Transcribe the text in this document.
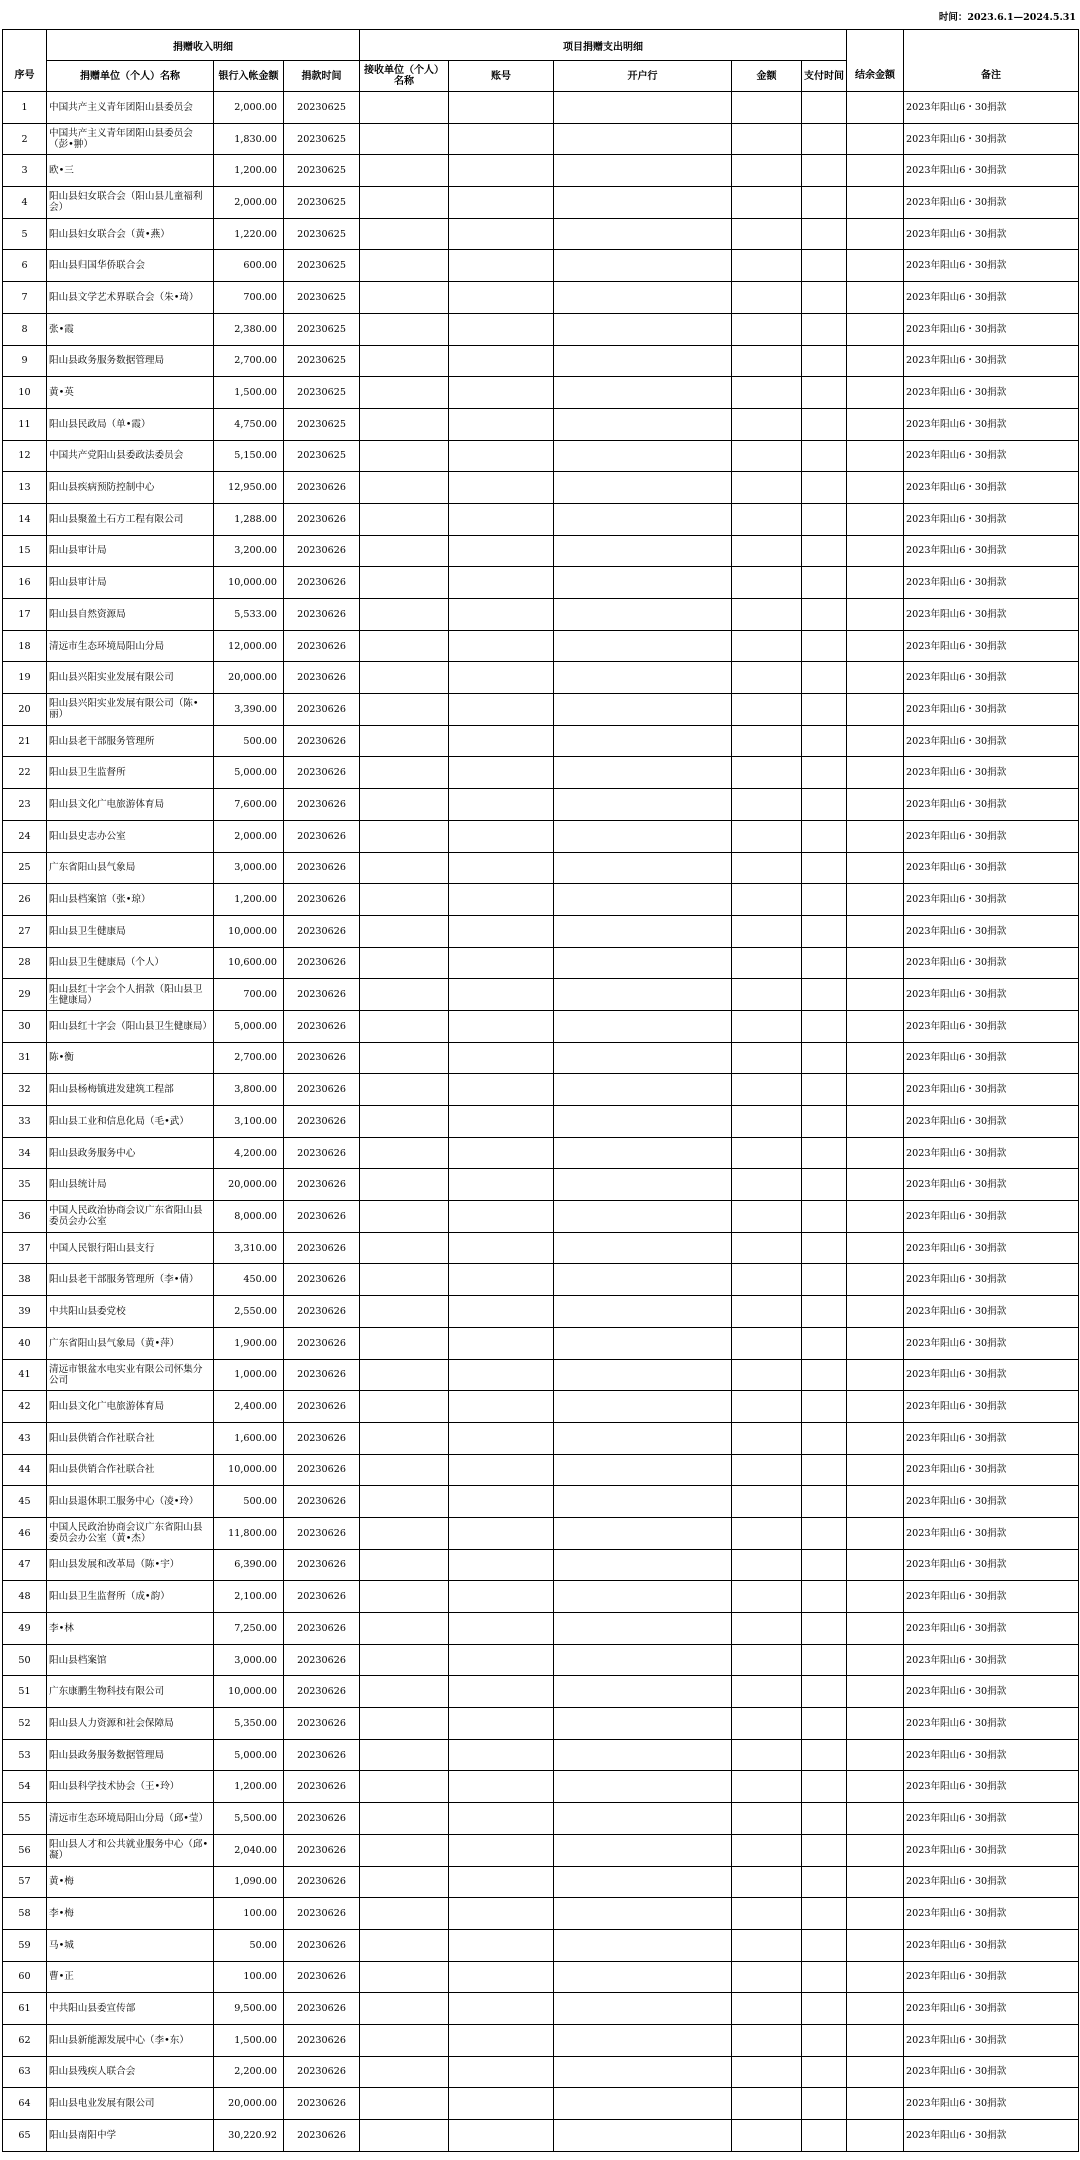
时间：2023.6.1—2024.5.31
	捐赠收入明细			项目捐赠支出明细						
序号	捐赠单位（个人）名称	银行入帐金额	捐款时间	接收单位（个人）名称	账号	开户行	金额	支付时间	结余金额	备注
1	中国共产主义青年团阳山县委员会	2,000.00	20230625							2023年阳山6・30捐款
2	中国共产主义青年团阳山县委员会（彭•翀）	1,830.00	20230625							2023年阳山6・30捐款
3	欧•三	1,200.00	20230625							2023年阳山6・30捐款
4	阳山县妇女联合会（阳山县儿童福利会）	2,000.00	20230625							2023年阳山6・30捐款
5	阳山县妇女联合会（黄•燕）	1,220.00	20230625							2023年阳山6・30捐款
6	阳山县归国华侨联合会	600.00	20230625							2023年阳山6・30捐款
7	阳山县文学艺术界联合会（朱•琦）	700.00	20230625							2023年阳山6・30捐款
8	张•霞	2,380.00	20230625							2023年阳山6・30捐款
9	阳山县政务服务数据管理局	2,700.00	20230625							2023年阳山6・30捐款
10	黄•英	1,500.00	20230625							2023年阳山6・30捐款
11	阳山县民政局（单•霞）	4,750.00	20230625							2023年阳山6・30捐款
12	中国共产党阳山县委政法委员会	5,150.00	20230625							2023年阳山6・30捐款
13	阳山县疾病预防控制中心	12,950.00	20230626							2023年阳山6・30捐款
14	阳山县聚盈土石方工程有限公司	1,288.00	20230626							2023年阳山6・30捐款
15	阳山县审计局	3,200.00	20230626							2023年阳山6・30捐款
16	阳山县审计局	10,000.00	20230626							2023年阳山6・30捐款
17	阳山县自然资源局	5,533.00	20230626							2023年阳山6・30捐款
18	清远市生态环境局阳山分局	12,000.00	20230626							2023年阳山6・30捐款
19	阳山县兴阳实业发展有限公司	20,000.00	20230626							2023年阳山6・30捐款
20	阳山县兴阳实业发展有限公司（陈•丽）	3,390.00	20230626							2023年阳山6・30捐款
21	阳山县老干部服务管理所	500.00	20230626							2023年阳山6・30捐款
22	阳山县卫生监督所	5,000.00	20230626							2023年阳山6・30捐款
23	阳山县文化广电旅游体育局	7,600.00	20230626							2023年阳山6・30捐款
24	阳山县史志办公室	2,000.00	20230626							2023年阳山6・30捐款
25	广东省阳山县气象局	3,000.00	20230626							2023年阳山6・30捐款
26	阳山县档案馆（张•琼）	1,200.00	20230626							2023年阳山6・30捐款
27	阳山县卫生健康局	10,000.00	20230626							2023年阳山6・30捐款
28	阳山县卫生健康局（个人）	10,600.00	20230626							2023年阳山6・30捐款
29	阳山县红十字会个人捐款（阳山县卫生健康局）	700.00	20230626							2023年阳山6・30捐款
30	阳山县红十字会（阳山县卫生健康局）	5,000.00	20230626							2023年阳山6・30捐款
31	陈•衡	2,700.00	20230626							2023年阳山6・30捐款
32	阳山县杨梅镇进发建筑工程部	3,800.00	20230626							2023年阳山6・30捐款
33	阳山县工业和信息化局（毛•武）	3,100.00	20230626							2023年阳山6・30捐款
34	阳山县政务服务中心	4,200.00	20230626							2023年阳山6・30捐款
35	阳山县统计局	20,000.00	20230626							2023年阳山6・30捐款
36	中国人民政治协商会议广东省阳山县委员会办公室	8,000.00	20230626							2023年阳山6・30捐款
37	中国人民银行阳山县支行	3,310.00	20230626							2023年阳山6・30捐款
38	阳山县老干部服务管理所（李•倩）	450.00	20230626							2023年阳山6・30捐款
39	中共阳山县委党校	2,550.00	20230626							2023年阳山6・30捐款
40	广东省阳山县气象局（黄•萍）	1,900.00	20230626							2023年阳山6・30捐款
41	清远市银盆水电实业有限公司怀集分公司	1,000.00	20230626							2023年阳山6・30捐款
42	阳山县文化广电旅游体育局	2,400.00	20230626							2023年阳山6・30捐款
43	阳山县供销合作社联合社	1,600.00	20230626							2023年阳山6・30捐款
44	阳山县供销合作社联合社	10,000.00	20230626							2023年阳山6・30捐款
45	阳山县退休职工服务中心（凌•玲）	500.00	20230626							2023年阳山6・30捐款
46	中国人民政治协商会议广东省阳山县委员会办公室（黄•杰）	11,800.00	20230626							2023年阳山6・30捐款
47	阳山县发展和改革局（陈•宇）	6,390.00	20230626							2023年阳山6・30捐款
48	阳山县卫生监督所（成•韵）	2,100.00	20230626							2023年阳山6・30捐款
49	李•林	7,250.00	20230626							2023年阳山6・30捐款
50	阳山县档案馆	3,000.00	20230626							2023年阳山6・30捐款
51	广东康鹏生物科技有限公司	10,000.00	20230626							2023年阳山6・30捐款
52	阳山县人力资源和社会保障局	5,350.00	20230626							2023年阳山6・30捐款
53	阳山县政务服务数据管理局	5,000.00	20230626							2023年阳山6・30捐款
54	阳山县科学技术协会（王•玲）	1,200.00	20230626							2023年阳山6・30捐款
55	清远市生态环境局阳山分局（邱•莹）	5,500.00	20230626							2023年阳山6・30捐款
56	阳山县人才和公共就业服务中心（邱•凝）	2,040.00	20230626							2023年阳山6・30捐款
57	黄•梅	1,090.00	20230626							2023年阳山6・30捐款
58	李•梅	100.00	20230626							2023年阳山6・30捐款
59	马•城	50.00	20230626							2023年阳山6・30捐款
60	曹•正	100.00	20230626							2023年阳山6・30捐款
61	中共阳山县委宣传部	9,500.00	20230626							2023年阳山6・30捐款
62	阳山县新能源发展中心（李•东）	1,500.00	20230626							2023年阳山6・30捐款
63	阳山县残疾人联合会	2,200.00	20230626							2023年阳山6・30捐款
64	阳山县电业发展有限公司	20,000.00	20230626							2023年阳山6・30捐款
65	阳山县南阳中学	30,220.92	20230626							2023年阳山6・30捐款
